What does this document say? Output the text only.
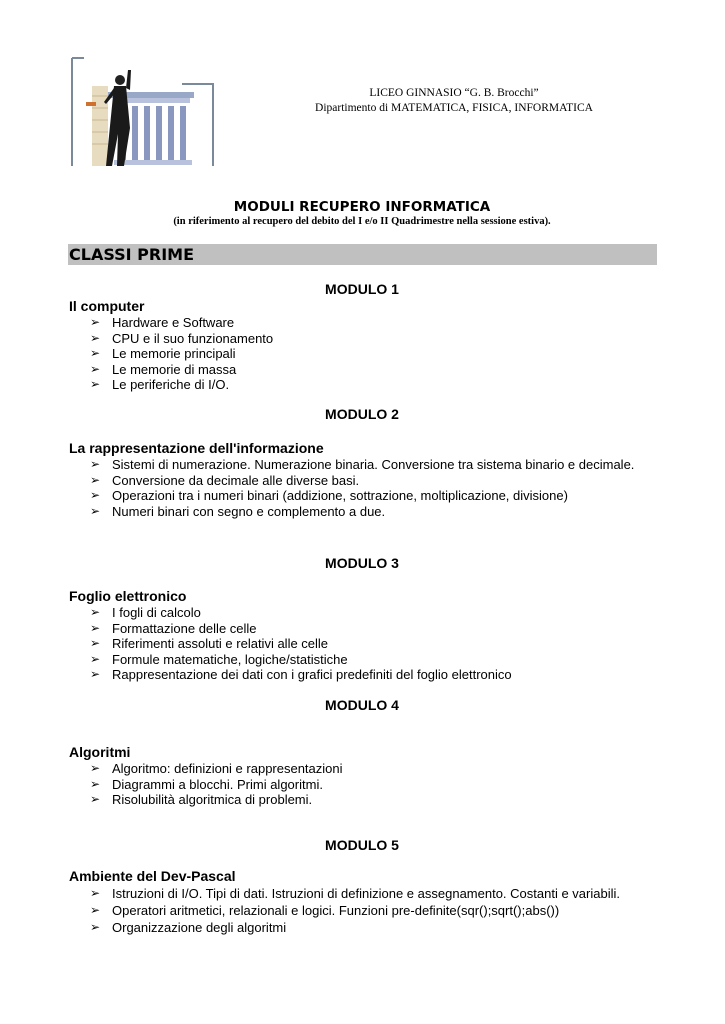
LICEO GINNASIO “G. B. Brocchi”
Dipartimento di MATEMATICA, FISICA, INFORMATICA
MODULI RECUPERO INFORMATICA
(in riferimento al recupero del debito del I e/o II Quadrimestre nella sessione estiva).
CLASSI PRIME
MODULO 1
Il computer
➢ Hardware e Software
➢ CPU e il suo funzionamento
➢ Le memorie principali
➢ Le memorie di massa
➢ Le periferiche di I/O.
MODULO 2
La rappresentazione dell'informazione
➢ Sistemi di numerazione. Numerazione binaria. Conversione tra sistema binario e decimale.
➢ Conversione da decimale alle diverse basi.
➢ Operazioni tra i numeri binari (addizione, sottrazione, moltiplicazione, divisione)
➢ Numeri binari con segno e complemento a due.
MODULO 3
Foglio elettronico
➢ I fogli di calcolo
➢ Formattazione delle celle
➢ Riferimenti assoluti e relativi alle celle
➢ Formule matematiche, logiche/statistiche
➢ Rappresentazione dei dati con i grafici predefiniti del foglio elettronico
MODULO 4
Algoritmi
➢ Algoritmo: definizioni e rappresentazioni
➢ Diagrammi a blocchi. Primi algoritmi.
➢ Risolubilità algoritmica di problemi.
MODULO 5
Ambiente del Dev-Pascal
➢ Istruzioni di I/O. Tipi di dati. Istruzioni di definizione e assegnamento. Costanti e variabili.
➢ Operatori aritmetici, relazionali e logici. Funzioni pre-definite(sqr();sqrt();abs())
➢ Organizzazione degli algoritmi
